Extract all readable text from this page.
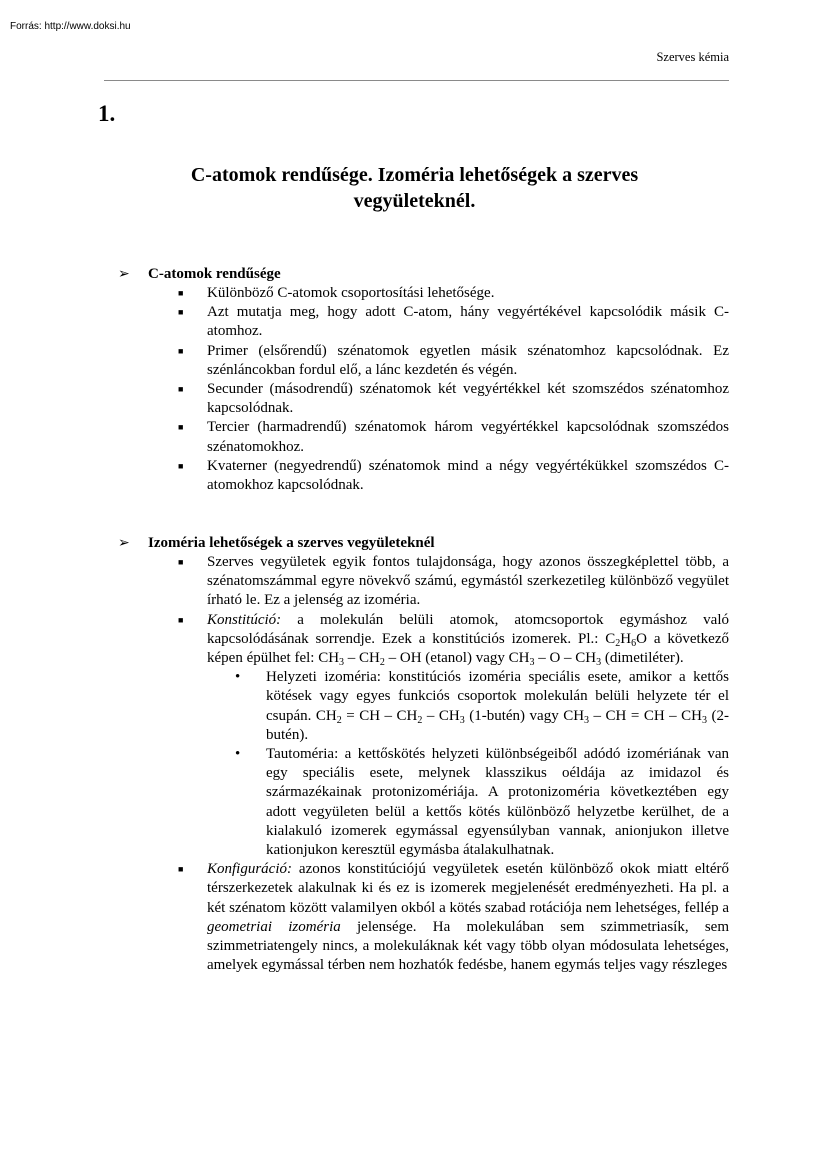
Forrás: http://www.doksi.hu
Szerves kémia
1.
C-atomok rendűsége. Izoméria lehetőségek a szerves
vegyületeknél.
➢ C-atomok rendűsége
■ Különböző C-atomok csoportosítási lehetősége.
■ Azt mutatja meg, hogy adott C-atom, hány vegyértékével kapcsolódik másik C-atomhoz.
■ Primer (elsőrendű) szénatomok egyetlen másik szénatomhoz kapcsolódnak. Ez szénláncokban fordul elő, a lánc kezdetén és végén.
■ Secunder (másodrendű) szénatomok két vegyértékkel két szomszédos szénatomhoz kapcsolódnak.
■ Tercier (harmadrendű) szénatomok három vegyértékkel kapcsolódnak szomszédos szénatomokhoz.
■ Kvaterner (negyedrendű) szénatomok mind a négy vegyértékükkel szomszédos C-atomokhoz kapcsolódnak.
➢ Izoméria lehetőségek a szerves vegyületeknél
■ Szerves vegyületek egyik fontos tulajdonsága, hogy azonos összegképlettel több, a szénatomszámmal egyre növekvő számú, egymástól szerkezetileg különböző vegyület írható le. Ez a jelenség az izoméria.
■ Konstitúció: a molekulán belüli atomok, atomcsoportok egymáshoz való kapcsolódásának sorrendje. Ezek a konstitúciós izomerek. Pl.: $C_2H_6O$ a következő képen épülhet fel: $CH_3 - CH_2$ – OH (etanol) vagy $CH_3$ – O – $CH_3$ (dimetiléter).
• Helyzeti izoméria: konstitúciós izoméria speciális esete, amikor a kettős kötések vagy egyes funkciós csoportok molekulán belüli helyzete tér el csupán. $CH_2$ = CH – $CH_2 - CH_3$ (1-butén) vagy $CH_3$ – CH = CH – $CH_3$ (2-butén).
• Tautoméria: a kettőskötés helyzeti különbségeiből adódó izomériának van egy speciális esete, melynek klasszikus oéldája az imidazol és származékainak protonizomériája. A protonizoméria következtében egy adott vegyületen belül a kettős kötés különböző helyzetbe kerülhet, de a kialakuló izomerek egymással egyensúlyban vannak, anionjukon illetve kationjukon keresztül egymásba átalakulhatnak.
■ Konfiguráció: azonos konstitúciójú vegyületek esetén különböző okok miatt eltérő térszerkezetek alakulnak ki és ez is izomerek megjelenését eredményezheti. Ha pl. a két szénatom között valamilyen okból a kötés szabad rotációja nem lehetséges, fellép a geometriai izoméria jelensége. Ha molekulában sem szimmetriasík, sem szimmetriatengely nincs, a molekuláknak két vagy több olyan módosulata lehetséges, amelyek egymással térben nem hozhatók fedésbe, hanem egymás teljes vagy részleges
